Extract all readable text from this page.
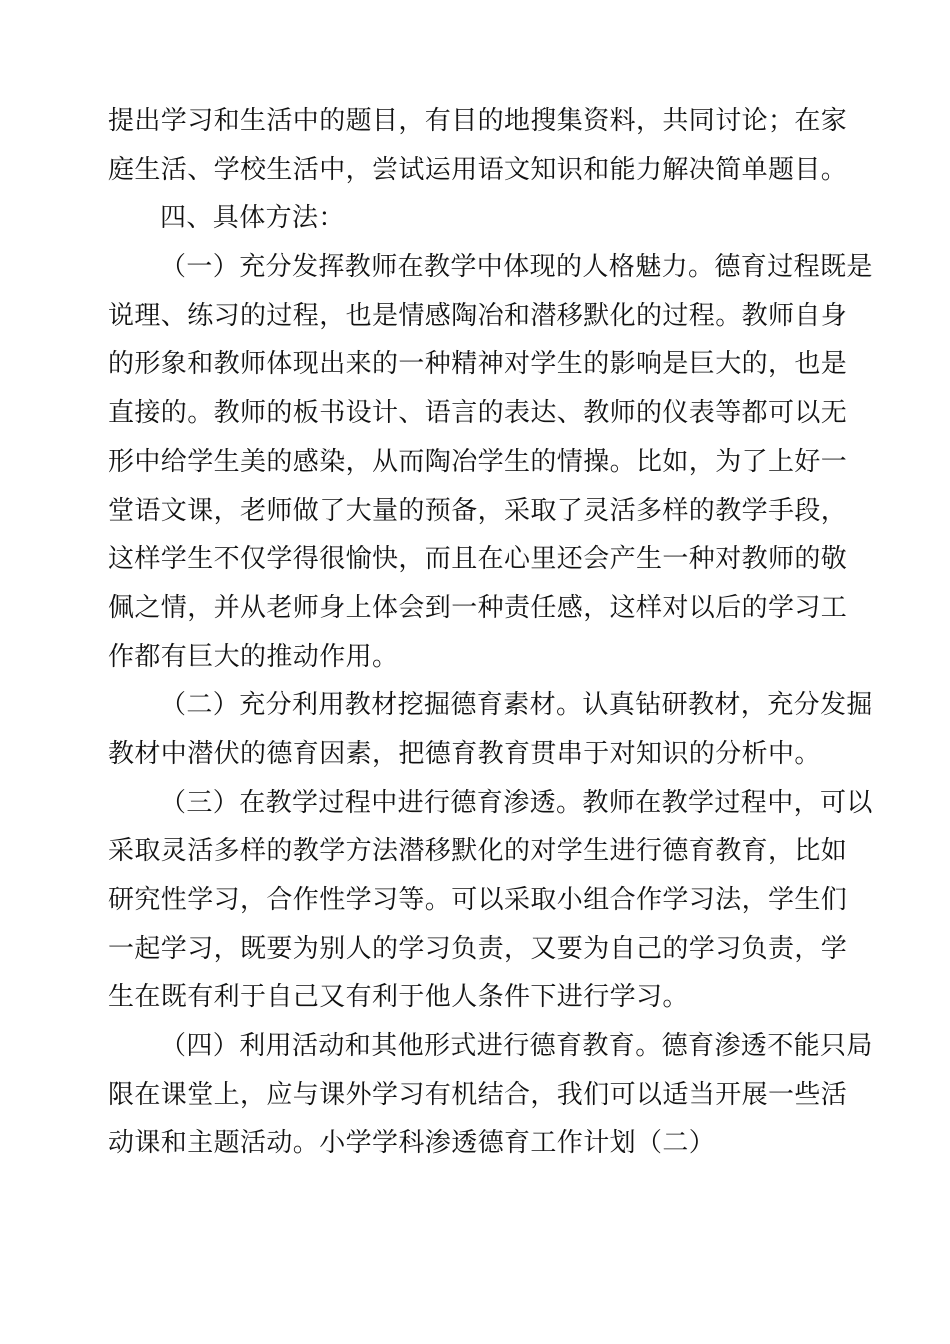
提出学习和生活中的题目，有目的地搜集资料，共同讨论；在家
庭生活、学校生活中，尝试运用语文知识和能力解决简单题目。
四、具体方法：
（一）充分发挥教师在教学中体现的人格魅力。德育过程既是
说理、练习的过程，也是情感陶冶和潜移默化的过程。教师自身
的形象和教师体现出来的一种精神对学生的影响是巨大的，也是
直接的。教师的板书设计、语言的表达、教师的仪表等都可以无
形中给学生美的感染，从而陶冶学生的情操。比如，为了上好一
堂语文课，老师做了大量的预备，采取了灵活多样的教学手段，
这样学生不仅学得很愉快，而且在心里还会产生一种对教师的敬
佩之情，并从老师身上体会到一种责任感，这样对以后的学习工
作都有巨大的推动作用。
（二）充分利用教材挖掘德育素材。认真钻研教材，充分发掘
教材中潜伏的德育因素，把德育教育贯串于对知识的分析中。
（三）在教学过程中进行德育渗透。教师在教学过程中，可以
采取灵活多样的教学方法潜移默化的对学生进行德育教育，比如
研究性学习，合作性学习等。可以采取小组合作学习法，学生们
一起学习，既要为别人的学习负责，又要为自己的学习负责，学
生在既有利于自己又有利于他人条件下进行学习。
（四）利用活动和其他形式进行德育教育。德育渗透不能只局
限在课堂上，应与课外学习有机结合，我们可以适当开展一些活
动课和主题活动。小学学科渗透德育工作计划（二）
